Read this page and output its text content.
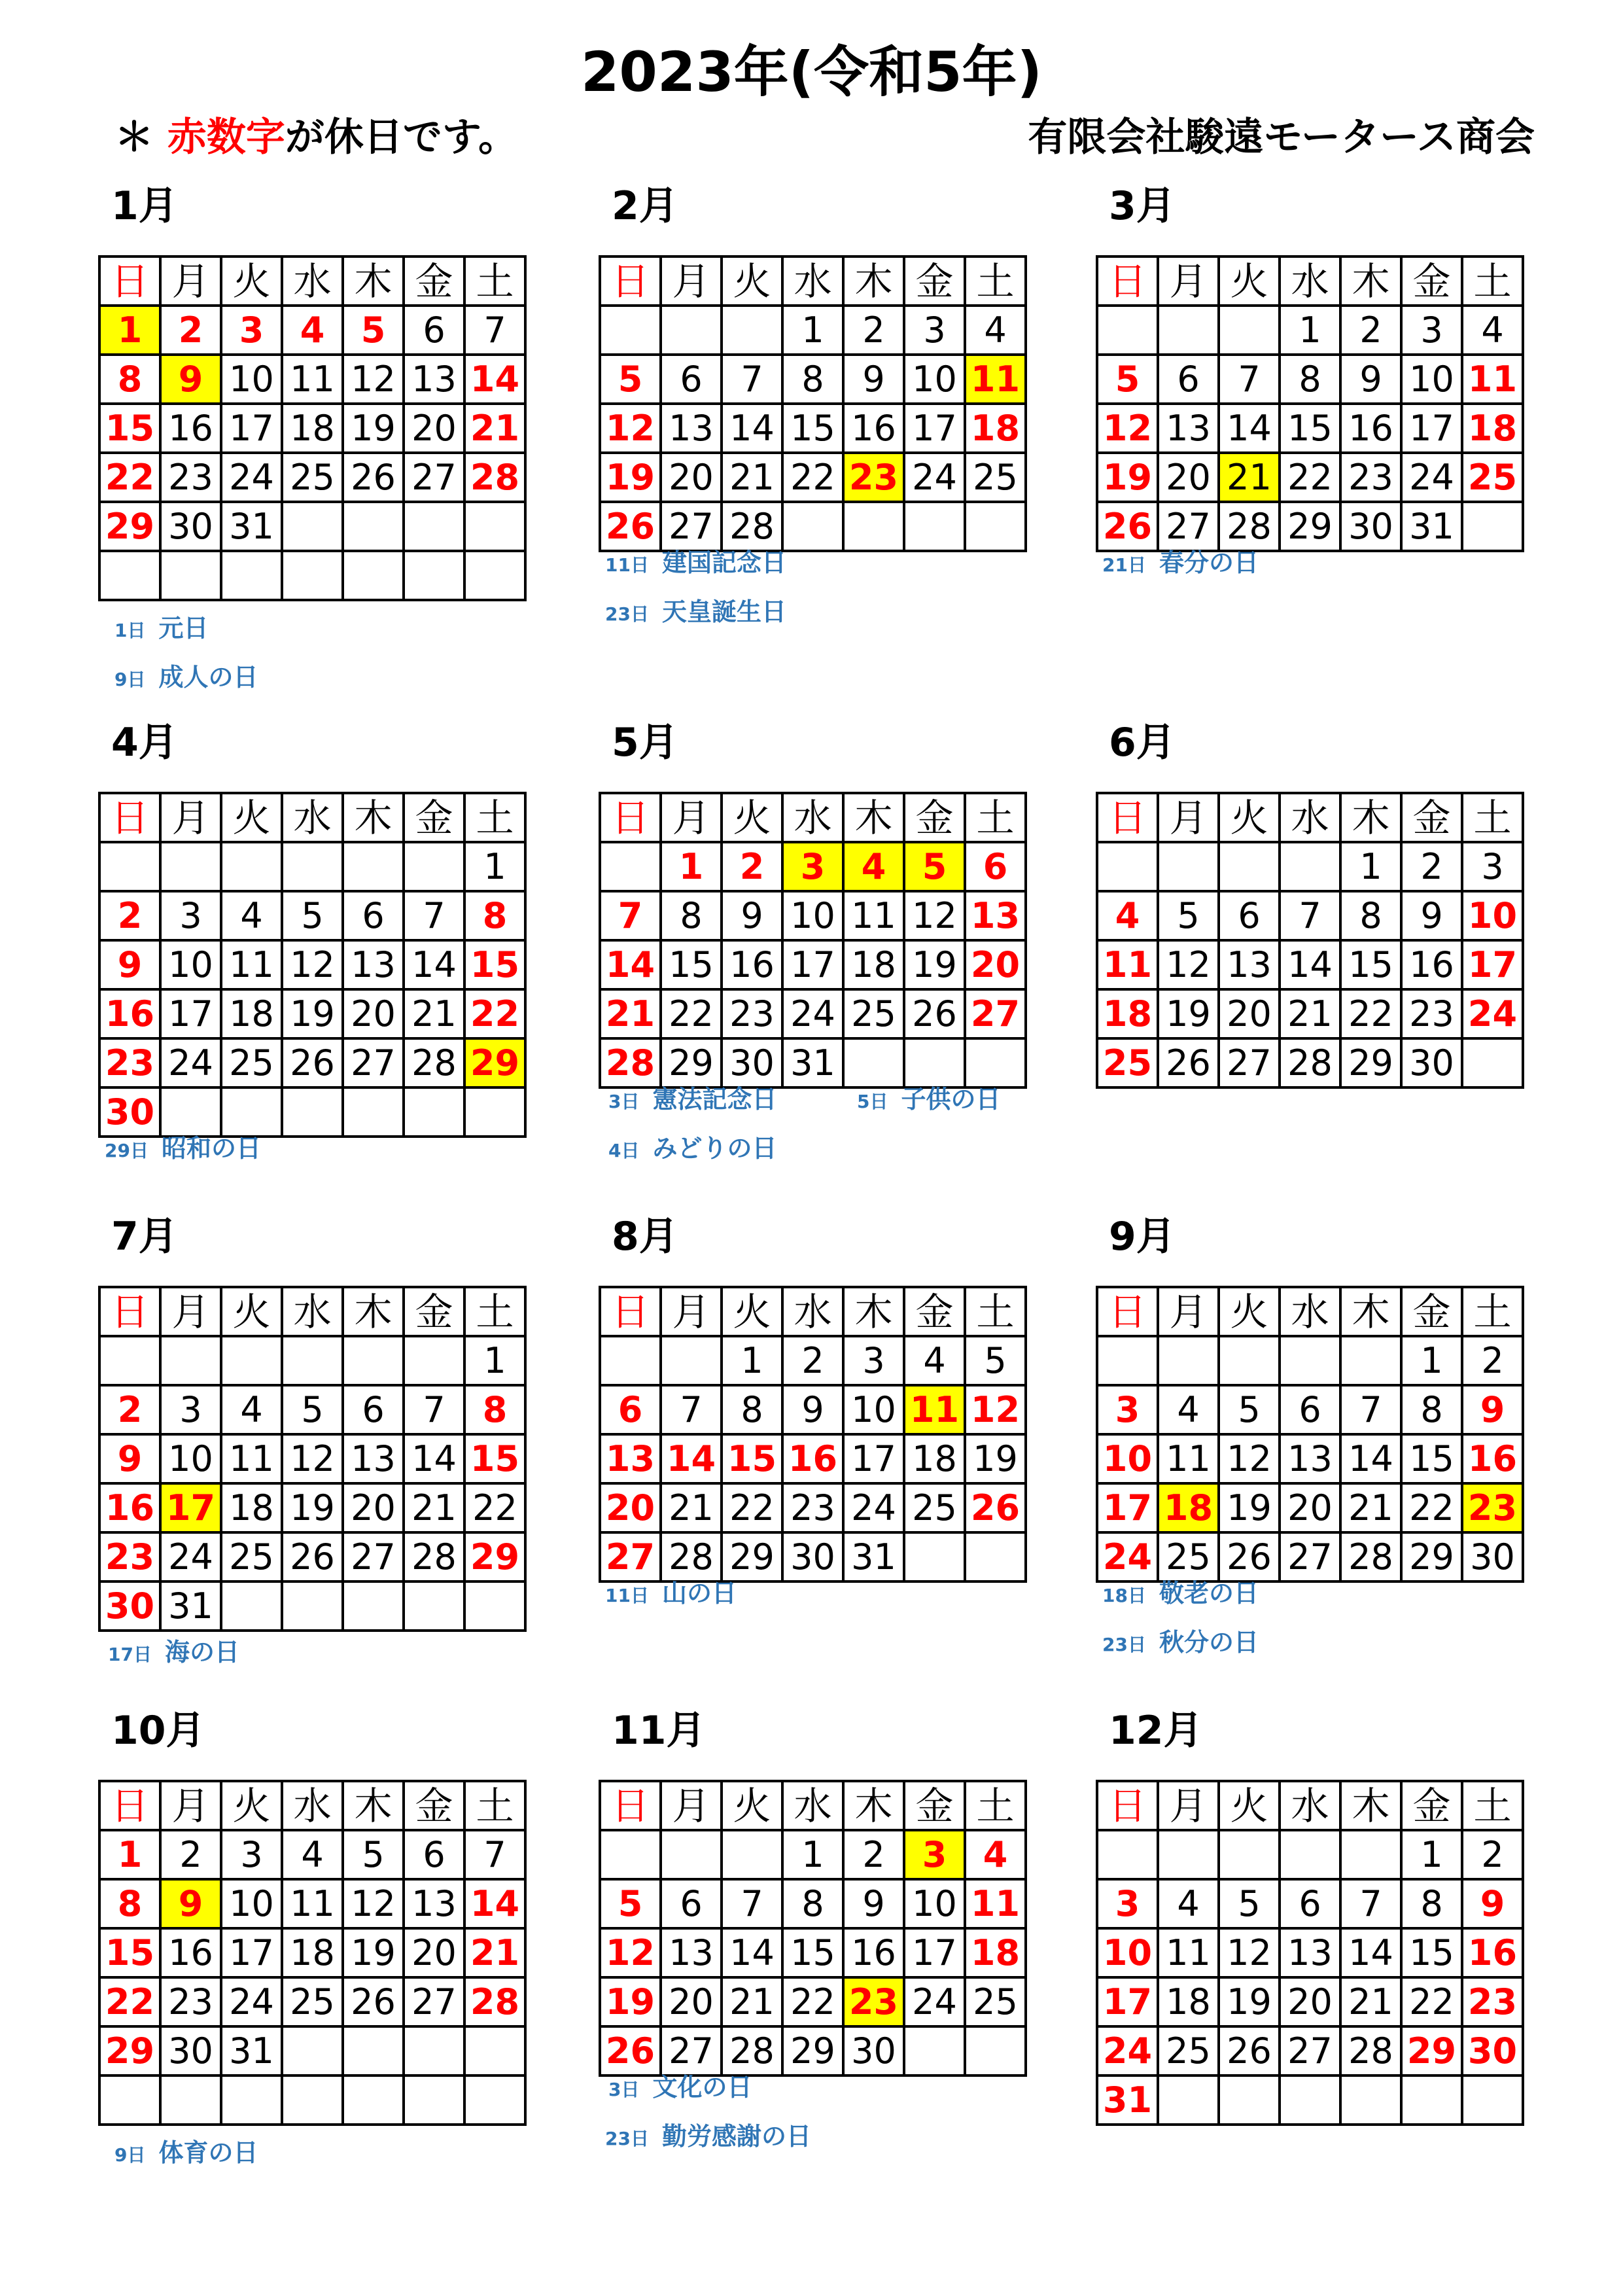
2023年(令和5年)
＊ 赤数字が休日です。	有限会社駿遠モータース商会
1月
日	月	火	水	木	金	土
1	2	3	4	5	6	7
8	9	10	11	12	13	14
15	16	17	18	19	20	21
22	23	24	25	26	27	28
29	30	31				

1日 元日
9日 成人の日
2月
日	月	火	水	木	金	土
			1	2	3	4
5	6	7	8	9	10	11
12	13	14	15	16	17	18
19	20	21	22	23	24	25
26	27	28				
11日 建国記念日
23日 天皇誕生日
3月
日	月	火	水	木	金	土
			1	2	3	4
5	6	7	8	9	10	11
12	13	14	15	16	17	18
19	20	21	22	23	24	25
26	27	28	29	30	31	
21日 春分の日
4月
日	月	火	水	木	金	土
						1
2	3	4	5	6	7	8
9	10	11	12	13	14	15
16	17	18	19	20	21	22
23	24	25	26	27	28	29
30						
29日 昭和の日
5月
日	月	火	水	木	金	土
	1	2	3	4	5	6
7	8	9	10	11	12	13
14	15	16	17	18	19	20
21	22	23	24	25	26	27
28	29	30	31			
3日 憲法記念日	5日 子供の日
4日 みどりの日
6月
日	月	火	水	木	金	土
				1	2	3
4	5	6	7	8	9	10
11	12	13	14	15	16	17
18	19	20	21	22	23	24
25	26	27	28	29	30	
7月
日	月	火	水	木	金	土
						1
2	3	4	5	6	7	8
9	10	11	12	13	14	15
16	17	18	19	20	21	22
23	24	25	26	27	28	29
30	31					
17日 海の日
8月
日	月	火	水	木	金	土
		1	2	3	4	5
6	7	8	9	10	11	12
13	14	15	16	17	18	19
20	21	22	23	24	25	26
27	28	29	30	31		
11日 山の日
9月
日	月	火	水	木	金	土
					1	2
3	4	5	6	7	8	9
10	11	12	13	14	15	16
17	18	19	20	21	22	23
24	25	26	27	28	29	30
18日 敬老の日
23日 秋分の日
10月
日	月	火	水	木	金	土
1	2	3	4	5	6	7
8	9	10	11	12	13	14
15	16	17	18	19	20	21
22	23	24	25	26	27	28
29	30	31				

9日 体育の日
11月
日	月	火	水	木	金	土
			1	2	3	4
5	6	7	8	9	10	11
12	13	14	15	16	17	18
19	20	21	22	23	24	25
26	27	28	29	30		
3日 文化の日
23日 勤労感謝の日
12月
日	月	火	水	木	金	土
					1	2
3	4	5	6	7	8	9
10	11	12	13	14	15	16
17	18	19	20	21	22	23
24	25	26	27	28	29	30
31						
